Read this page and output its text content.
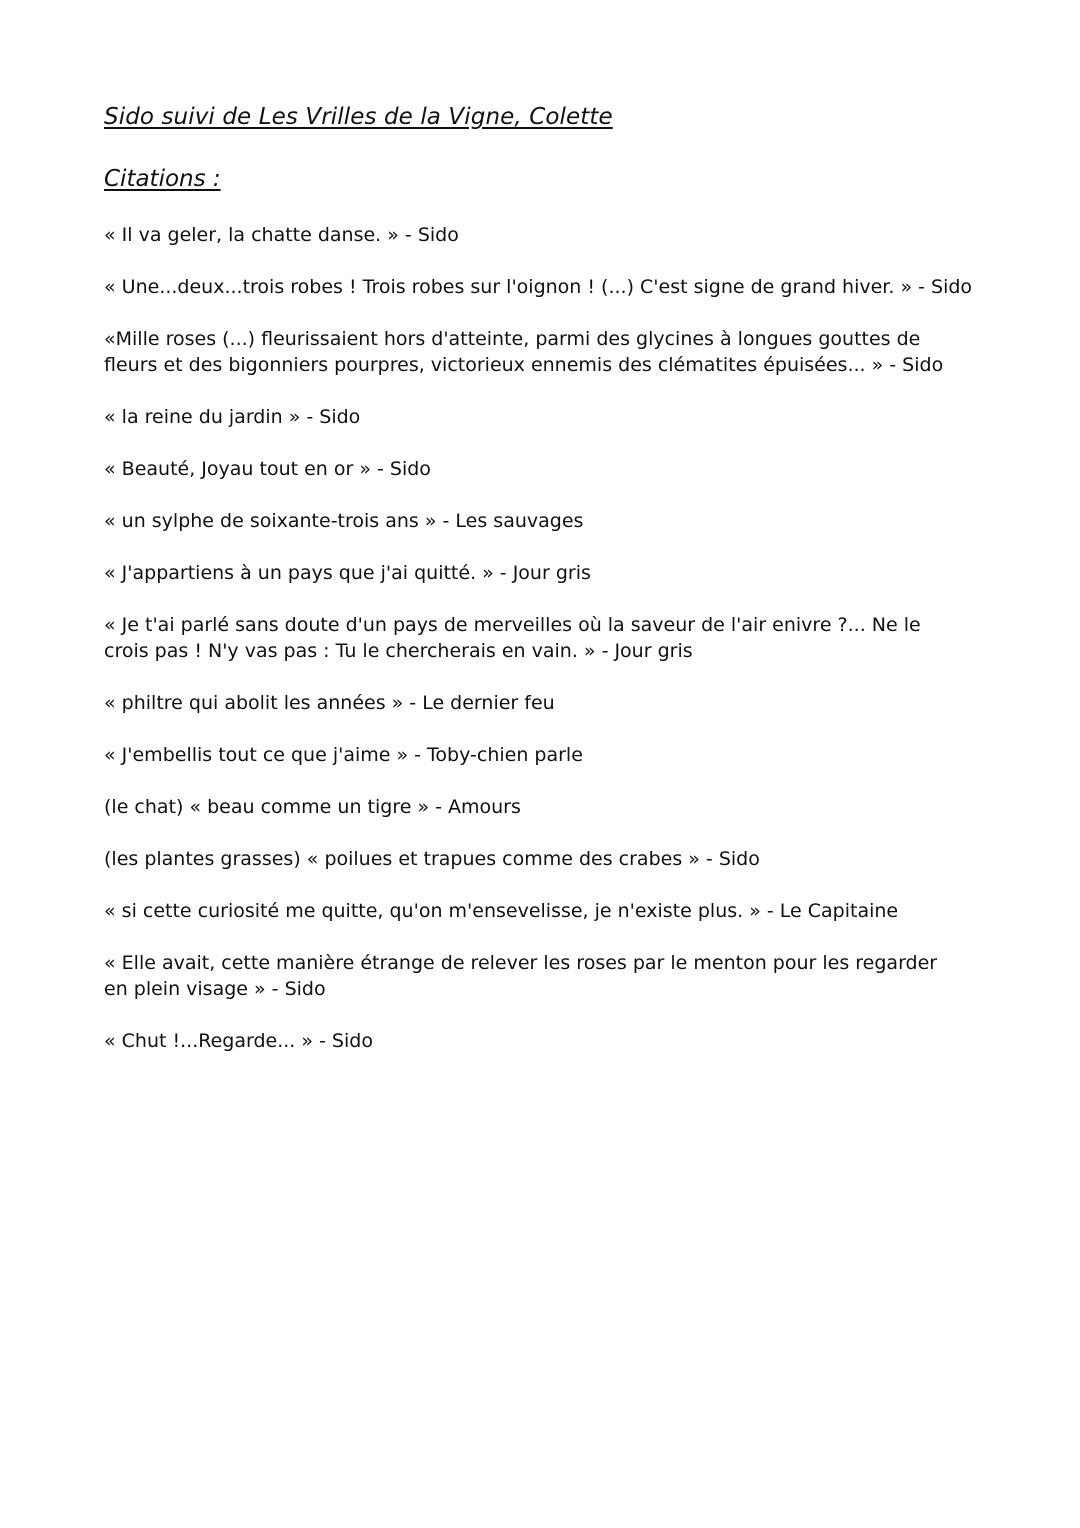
Sido suivi de Les Vrilles de la Vigne, Colette
Citations :
« Il va geler, la chatte danse. » - Sido
« Une...deux...trois robes ! Trois robes sur l'oignon ! (...) C'est signe de grand hiver. » - Sido
«Mille roses (...) fleurissaient hors d'atteinte, parmi des glycines à longues gouttes de
fleurs et des bigonniers pourpres, victorieux ennemis des clématites épuisées... » - Sido
« la reine du jardin » - Sido
« Beauté, Joyau tout en or » - Sido
« un sylphe de soixante-trois ans » - Les sauvages
« J'appartiens à un pays que j'ai quitté. » - Jour gris
« Je t'ai parlé sans doute d'un pays de merveilles où la saveur de l'air enivre ?... Ne le
crois pas ! N'y vas pas : Tu le chercherais en vain. » - Jour gris
« philtre qui abolit les années » - Le dernier feu
« J'embellis tout ce que j'aime » - Toby-chien parle
(le chat) « beau comme un tigre » - Amours
(les plantes grasses) « poilues et trapues comme des crabes » - Sido
« si cette curiosité me quitte, qu'on m'ensevelisse, je n'existe plus. » - Le Capitaine
« Elle avait, cette manière étrange de relever les roses par le menton pour les regarder
en plein visage » - Sido
« Chut !...Regarde... » - Sido
